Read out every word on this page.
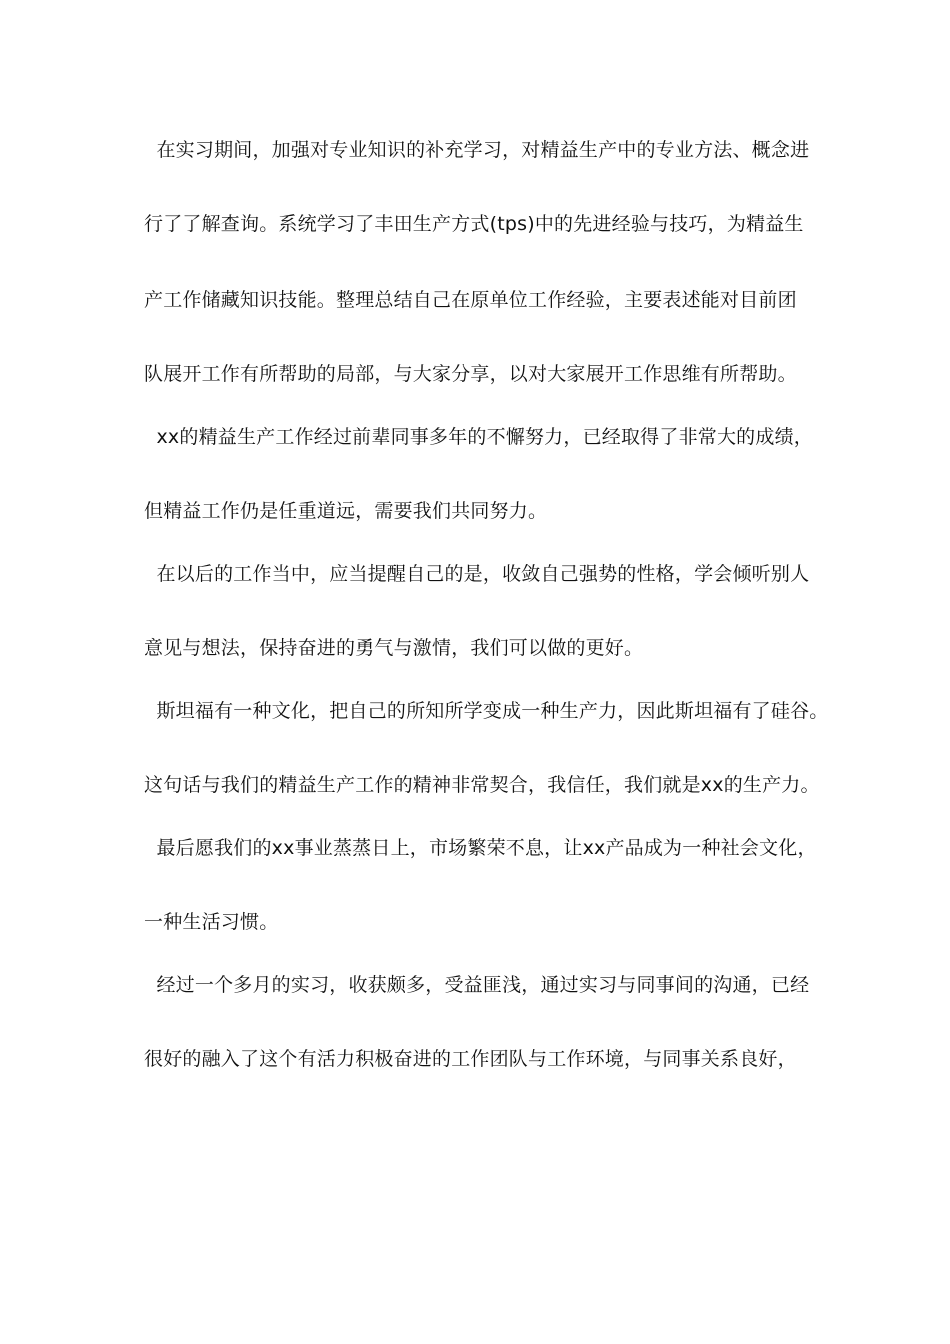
在实习期间，加强对专业知识的补充学习，对精益生产中的专业方法、概念进
行了了解查询。系统学习了丰田生产方式(tps)中的先进经验与技巧，为精益生
产工作储藏知识技能。整理总结自己在原单位工作经验，主要表述能对目前团
队展开工作有所帮助的局部，与大家分享，以对大家展开工作思维有所帮助。
xx的精益生产工作经过前辈同事多年的不懈努力，已经取得了非常大的成绩，
但精益工作仍是任重道远，需要我们共同努力。
在以后的工作当中，应当提醒自己的是，收敛自己强势的性格，学会倾听别人
意见与想法，保持奋进的勇气与激情，我们可以做的更好。
斯坦福有一种文化，把自己的所知所学变成一种生产力，因此斯坦福有了硅谷。
这句话与我们的精益生产工作的精神非常契合，我信任，我们就是xx的生产力。
最后愿我们的xx事业蒸蒸日上，市场繁荣不息，让xx产品成为一种社会文化，
一种生活习惯。
经过一个多月的实习，收获颇多，受益匪浅，通过实习与同事间的沟通，已经
很好的融入了这个有活力积极奋进的工作团队与工作环境，与同事关系良好，
